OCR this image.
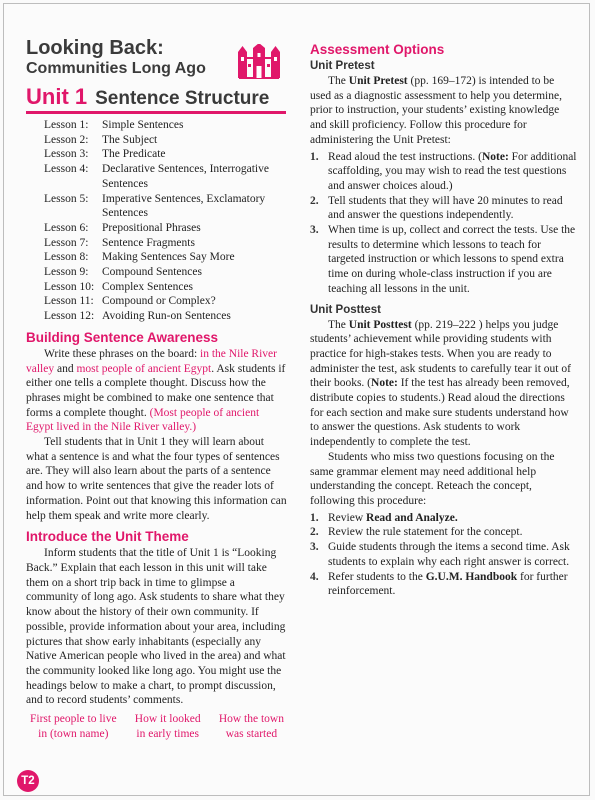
Looking Back:
Communities Long Ago
Unit 1 Sentence Structure
Lesson 1:	Simple Sentences
Lesson 2:	The Subject
Lesson 3:	The Predicate
Lesson 4:	Declarative Sentences, Interrogative Sentences
Lesson 5:	Imperative Sentences, Exclamatory Sentences
Lesson 6:	Prepositional Phrases
Lesson 7:	Sentence Fragments
Lesson 8:	Making Sentences Say More
Lesson 9:	Compound Sentences
Lesson 10: Complex Sentences
Lesson 11: Compound or Complex?
Lesson 12: Avoiding Run-on Sentences
Building Sentence Awareness

Write these phrases on the board: in the Nile River valley and most people of ancient Egypt. Ask students if either one tells a complete thought. Discuss how the phrases might be combined to make one sentence that forms a complete thought. (Most people of ancient Egypt lived in the Nile River valley.)

Tell students that in Unit 1 they will learn about what a sentence is and what the four types of sentences are. They will also learn about the parts of a sentence and how to write sentences that give the reader lots of information. Point out that knowing this information can help them speak and write more clearly.

Introduce the Unit Theme

Inform students that the title of Unit 1 is “Looking Back.” Explain that each lesson in this unit will take them on a short trip back in time to glimpse a community of long ago. Ask students to share what they know about the history of their own community. If possible, provide information about your area, including pictures that show early inhabitants (especially any Native American people who lived in the area) and what the community looked like long ago. You might use the headings below to make a chart, to prompt discussion, and to record students’ comments.

First people to live
in (town name)
How it looked
in early times
How the town
was started
Assessment Options
Unit Pretest

The Unit Pretest (pp. 169–172) is intended to be used as a diagnostic assessment to help you determine, prior to instruction, your students’ existing knowledge and skill proficiency. Follow this procedure for administering the Unit Pretest:

1. Read aloud the test instructions. (Note: For additional scaffolding, you may wish to read the test questions and answer choices aloud.)
2. Tell students that they will have 20 minutes to read and answer the questions independently.
3. When time is up, collect and correct the tests. Use the results to determine which lessons to teach for targeted instruction or which lessons to spend extra time on during whole-class instruction if you are teaching all lessons in the unit.
Unit Posttest

The Unit Posttest (pp. 219–222 ) helps you judge students’ achievement while providing students with practice for high-stakes tests. When you are ready to administer the test, ask students to carefully tear it out of their books. (Note: If the test has already been removed, distribute copies to students.) Read aloud the directions for each section and make sure students understand how to answer the questions. Ask students to work independently to complete the test.

Students who miss two questions focusing on the same grammar element may need additional help understanding the concept. Reteach the concept, following this procedure:

1. Review Read and Analyze.
2. Review the rule statement for the concept.
3. Guide students through the items a second time. Ask students to explain why each right answer is correct.
4. Refer students to the G.U.M. Handbook for further reinforcement.
T2
